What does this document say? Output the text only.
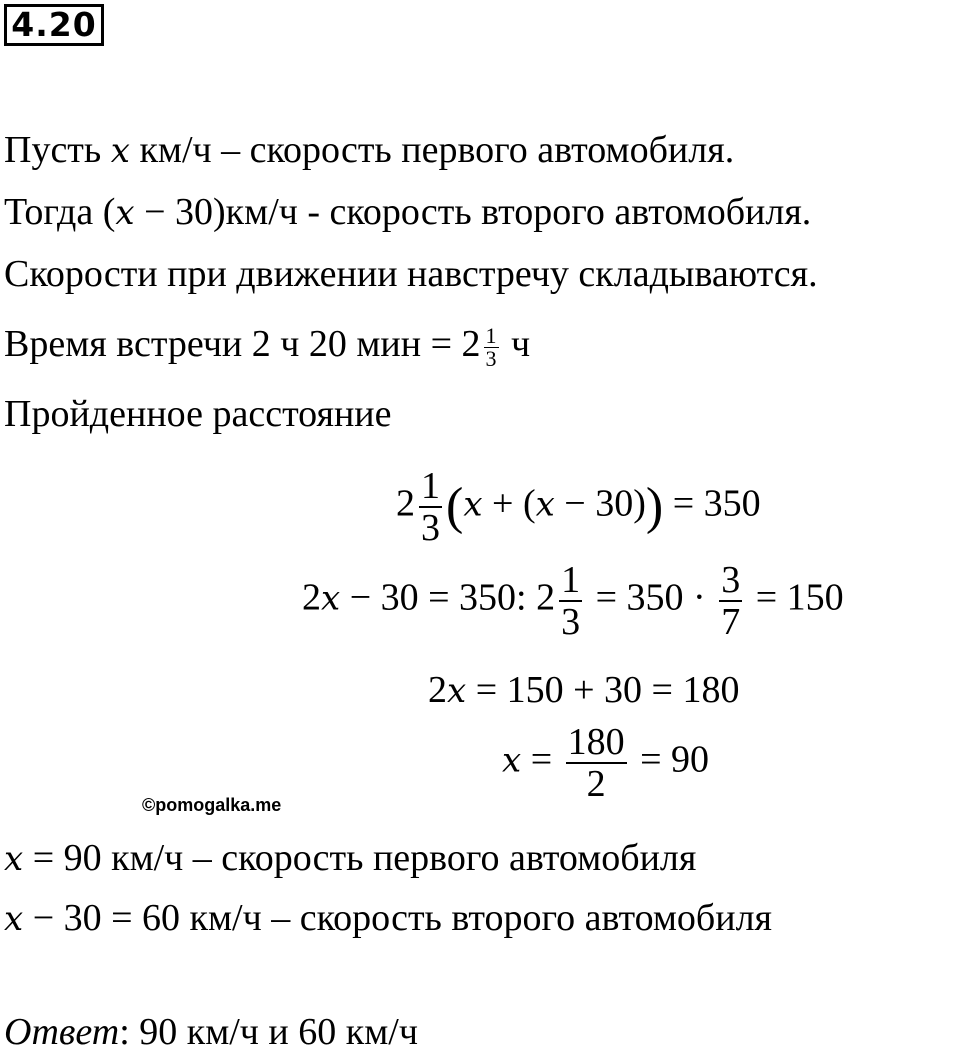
4.20
Пусть x км/ч – скорость первого автомобиля.
Тогда (x − 30)км/ч - скорость второго автомобиля.
Скорости при движении навстречу складываются.
Время встречи 2 ч 20 мин = $2 \frac{1}{3}$ ч
Пройденное расстояние
$2 \frac{1}{3} (x + (x - 30)) = 350$
2x − 30 = 350: $2 \frac{1}{3} = 350 \cdot \frac{3}{7} = 150$
2x = 150 + 30 = 180
$x = \frac{180}{2} = 90$
©pomogalka.me
x = 90 км/ч – скорость первого автомобиля
x − 30 = 60 км/ч – скорость второго автомобиля
Ответ: 90 км/ч и 60 км/ч
